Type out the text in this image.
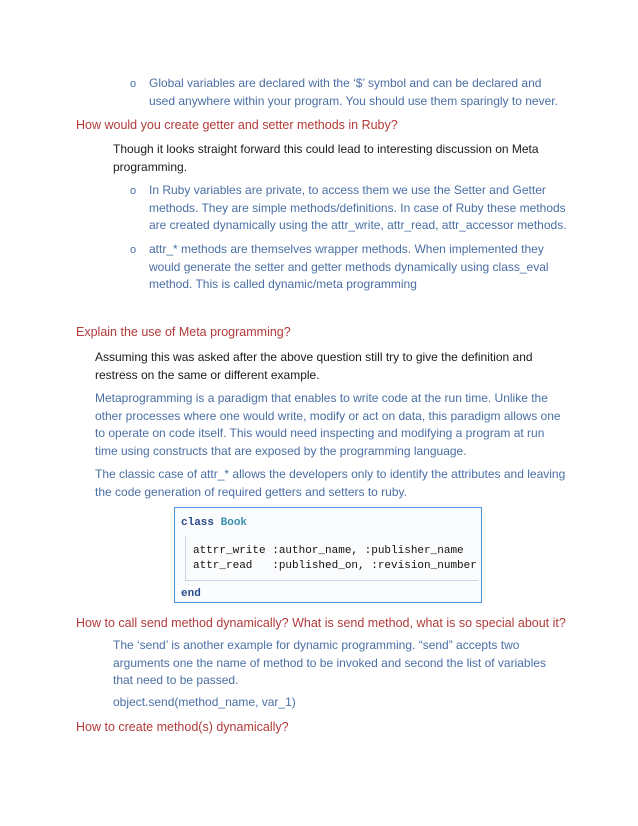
o Global variables are declared with the ‘$’ symbol and can be declared and used anywhere within your program. You should use them sparingly to never.

How would you create getter and setter methods in Ruby?

Though it looks straight forward this could lead to interesting discussion on Meta programming.

o In Ruby variables are private, to access them we use the Setter and Getter methods. They are simple methods/definitions. In case of Ruby these methods are created dynamically using the attr_write, attr_read, attr_accessor methods.

o attr_* methods are themselves wrapper methods. When implemented they would generate the setter and getter methods dynamically using class_eval method. This is called dynamic/meta programming

Explain the use of Meta programming?

Assuming this was asked after the above question still try to give the definition and restress on the same or different example.

Metaprogramming is a paradigm that enables to write code at the run time. Unlike the other processes where one would write, modify or act on data, this paradigm allows one to operate on code itself. This would need inspecting and modifying a program at run time using constructs that are exposed by the programming language.

The classic case of attr_* allows the developers only to identify the attributes and leaving the code generation of required getters and setters to ruby.

class Book

attrr_write :author_name, :publisher_name

attr_read   :published_on, :revision_number

end

How to call send method dynamically? What is send method, what is so special about it?

The ‘send’ is another example for dynamic programming. “send” accepts two arguments one the name of method to be invoked and second the list of variables that need to be passed.

object.send(method_name, var_1)

How to create method(s) dynamically?
